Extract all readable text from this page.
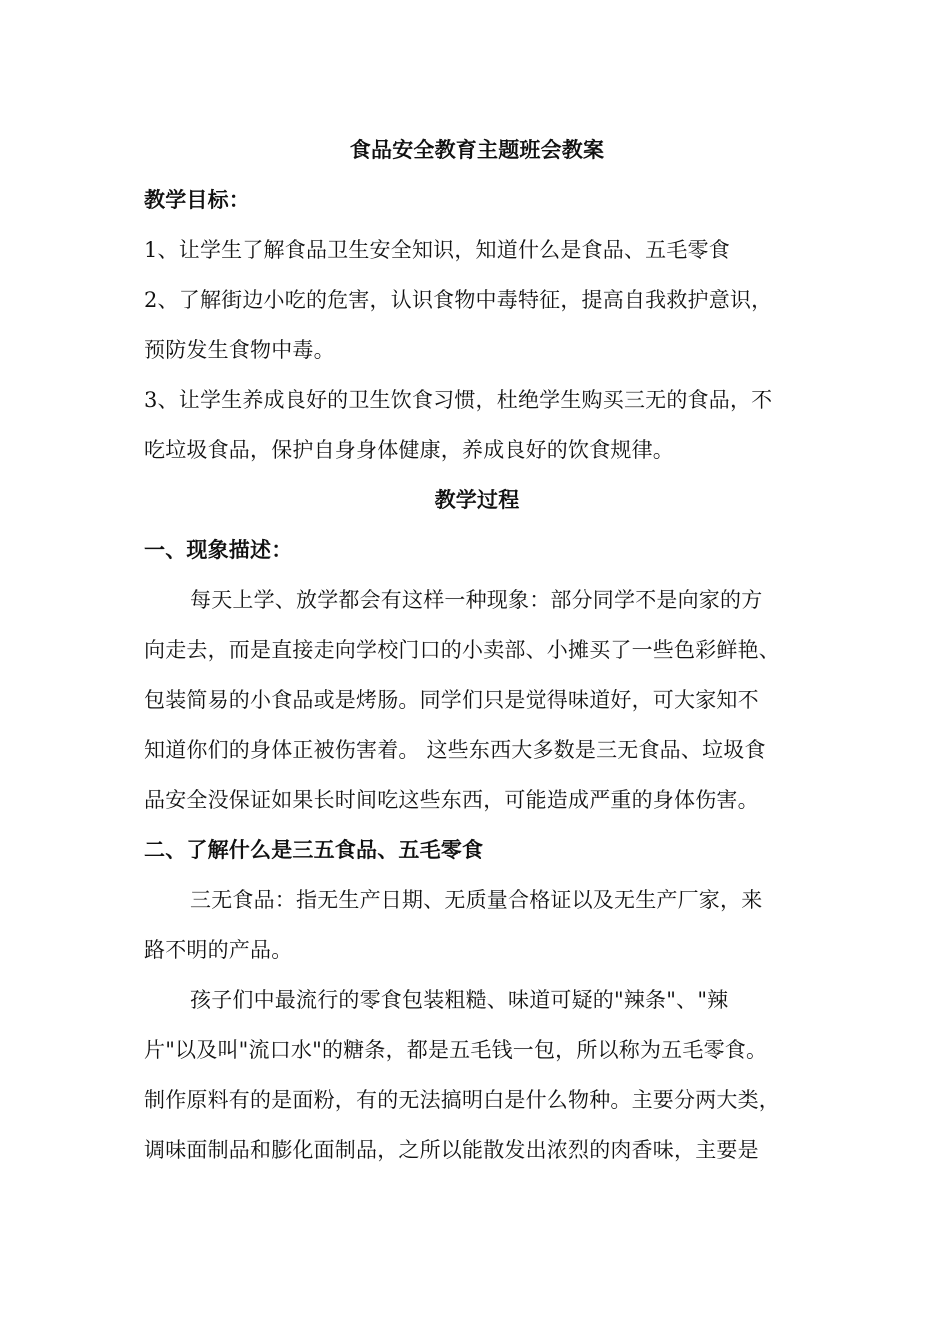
食品安全教育主题班会教案
教学目标：
1、让学生了解食品卫生安全知识，知道什么是食品、五毛零食
2、了解街边小吃的危害，认识食物中毒特征，提高自我救护意识，
预防发生食物中毒。
3、让学生养成良好的卫生饮食习惯，杜绝学生购买三无的食品，不
吃垃圾食品，保护自身身体健康，养成良好的饮食规律。
教学过程
一、现象描述：
每天上学、放学都会有这样一种现象：部分同学不是向家的方
向走去，而是直接走向学校门口的小卖部、小摊买了一些色彩鲜艳、
包装简易的小食品或是烤肠。同学们只是觉得味道好，可大家知不
知道你们的身体正被伤害着。 这些东西大多数是三无食品、垃圾食
品安全没保证如果长时间吃这些东西，可能造成严重的身体伤害。
二、了解什么是三五食品、五毛零食
三无食品：指无生产日期、无质量合格证以及无生产厂家，来
路不明的产品。
孩子们中最流行的零食包装粗糙、味道可疑的"辣条"、"辣
片"以及叫"流口水"的糖条，都是五毛钱一包，所以称为五毛零食。
制作原料有的是面粉，有的无法搞明白是什么物种。主要分两大类，
调味面制品和膨化面制品，之所以能散发出浓烈的肉香味，主要是
